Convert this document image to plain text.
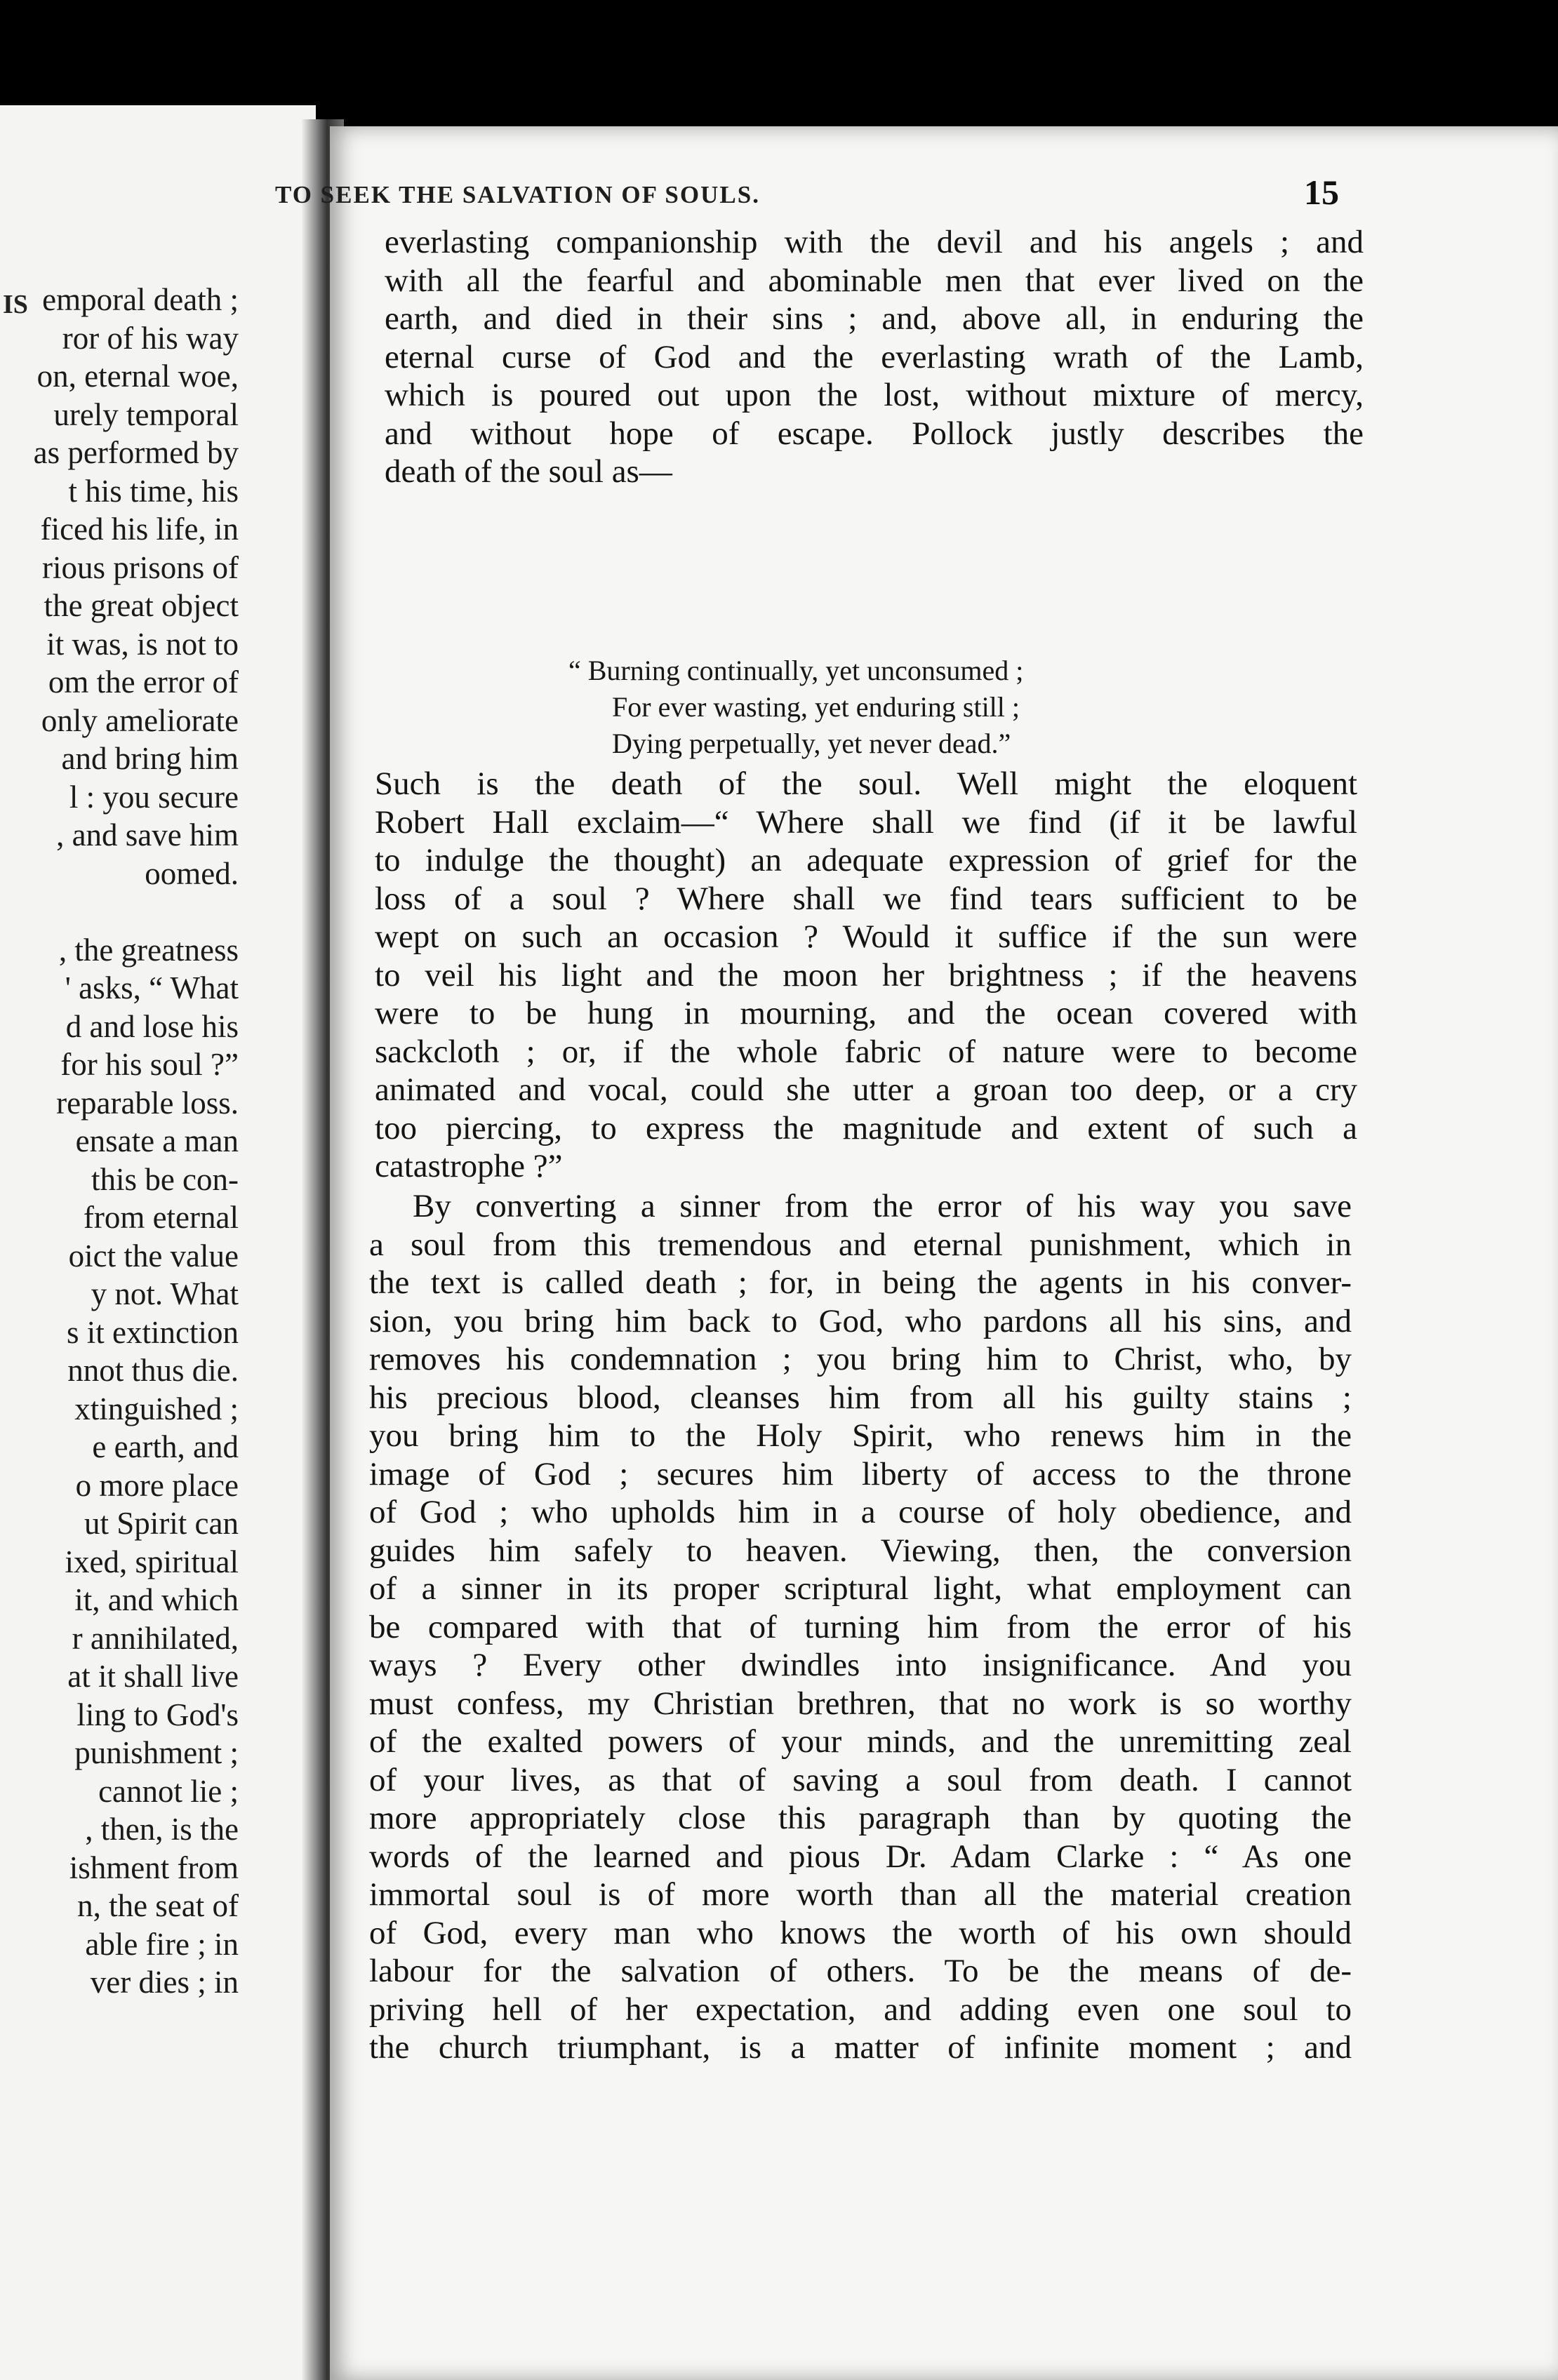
IS emporal death ;
ror of his way
on, eternal woe,
urely temporal
as performed by
t his time, his
ficed his life, in
rious prisons of
the great object
it was, is not to
om the error of
only ameliorate
and bring him
l : you secure
, and save him
oomed.

, the greatness
' asks, “ What
d and lose his
for his soul ?”
reparable loss.
ensate a man
this be con-
from eternal
oict the value
y not. What
s it extinction
nnot thus die.
xtinguished ;
e earth, and
o more place
ut Spirit can
ixed, spiritual
it, and which
r annihilated,
at it shall live
ling to God's
punishment ;
cannot lie ;
, then, is the
ishment from
n, the seat of
able fire ; in
ver dies ; in
TO SEEK THE SALVATION OF SOULS.	15
everlasting companionship with the devil and his angels ; and
with all the fearful and abominable men that ever lived on the
earth, and died in their sins ; and, above all, in enduring the
eternal curse of God and the everlasting wrath of the Lamb,
which is poured out upon the lost, without mixture of mercy,
and without hope of escape. Pollock justly describes the
death of the soul as—
“ Burning continually, yet unconsumed ;
For ever wasting, yet enduring still ;
Dying perpetually, yet never dead.”
Such is the death of the soul. Well might the eloquent
Robert Hall exclaim—“ Where shall we find (if it be lawful
to indulge the thought) an adequate expression of grief for the
loss of a soul ? Where shall we find tears sufficient to be
wept on such an occasion ? Would it suffice if the sun were
to veil his light and the moon her brightness ; if the heavens
were to be hung in mourning, and the ocean covered with
sackcloth ; or, if the whole fabric of nature were to become
animated and vocal, could she utter a groan too deep, or a cry
too piercing, to express the magnitude and extent of such a
catastrophe ?”
By converting a sinner from the error of his way you save
a soul from this tremendous and eternal punishment, which in
the text is called death ; for, in being the agents in his conver-
sion, you bring him back to God, who pardons all his sins, and
removes his condemnation ; you bring him to Christ, who, by
his precious blood, cleanses him from all his guilty stains ;
you bring him to the Holy Spirit, who renews him in the
image of God ; secures him liberty of access to the throne
of God ; who upholds him in a course of holy obedience, and
guides him safely to heaven. Viewing, then, the conversion
of a sinner in its proper scriptural light, what employment can
be compared with that of turning him from the error of his
ways ? Every other dwindles into insignificance. And you
must confess, my Christian brethren, that no work is so worthy
of the exalted powers of your minds, and the unremitting zeal
of your lives, as that of saving a soul from death. I cannot
more appropriately close this paragraph than by quoting the
words of the learned and pious Dr. Adam Clarke : “ As one
immortal soul is of more worth than all the material creation
of God, every man who knows the worth of his own should
labour for the salvation of others. To be the means of de-
priving hell of her expectation, and adding even one soul to
the church triumphant, is a matter of infinite moment ; and
